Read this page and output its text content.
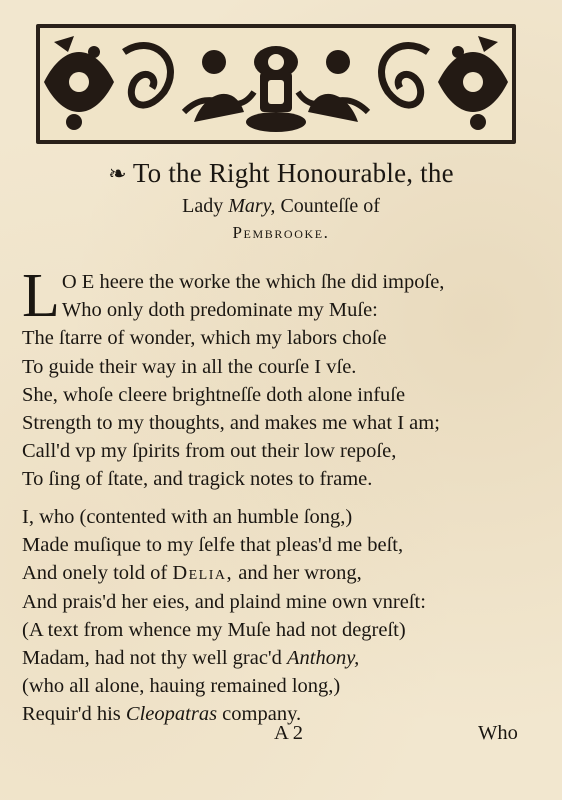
❧ To the Right Honourable, the
Lady Mary, Counteſſe of
Pembrooke.
L O E heere the worke the which ſhe did impoſe,
Who only doth predominate my Muſe:
The ſtarre of wonder, which my labors choſe
To guide their way in all the courſe I vſe.
She, whoſe cleere brightneſſe doth alone infuſe
Strength to my thoughts, and makes me what I am;
Call'd vp my ſpirits from out their low repoſe,
To ſing of ſtate, and tragick notes to frame.
I, who (contented with an humble ſong,)
Made muſique to my ſelfe that pleas'd me beſt,
And onely told of Delia, and her wrong,
And prais'd her eies, and plaind mine own vnreſt:
(A text from whence my Muſe had not degreſt)
Madam, had not thy well grac'd Anthony,
(who all alone, hauing remained long,)
Requir'd his Cleopatras company.
A 2	Who
